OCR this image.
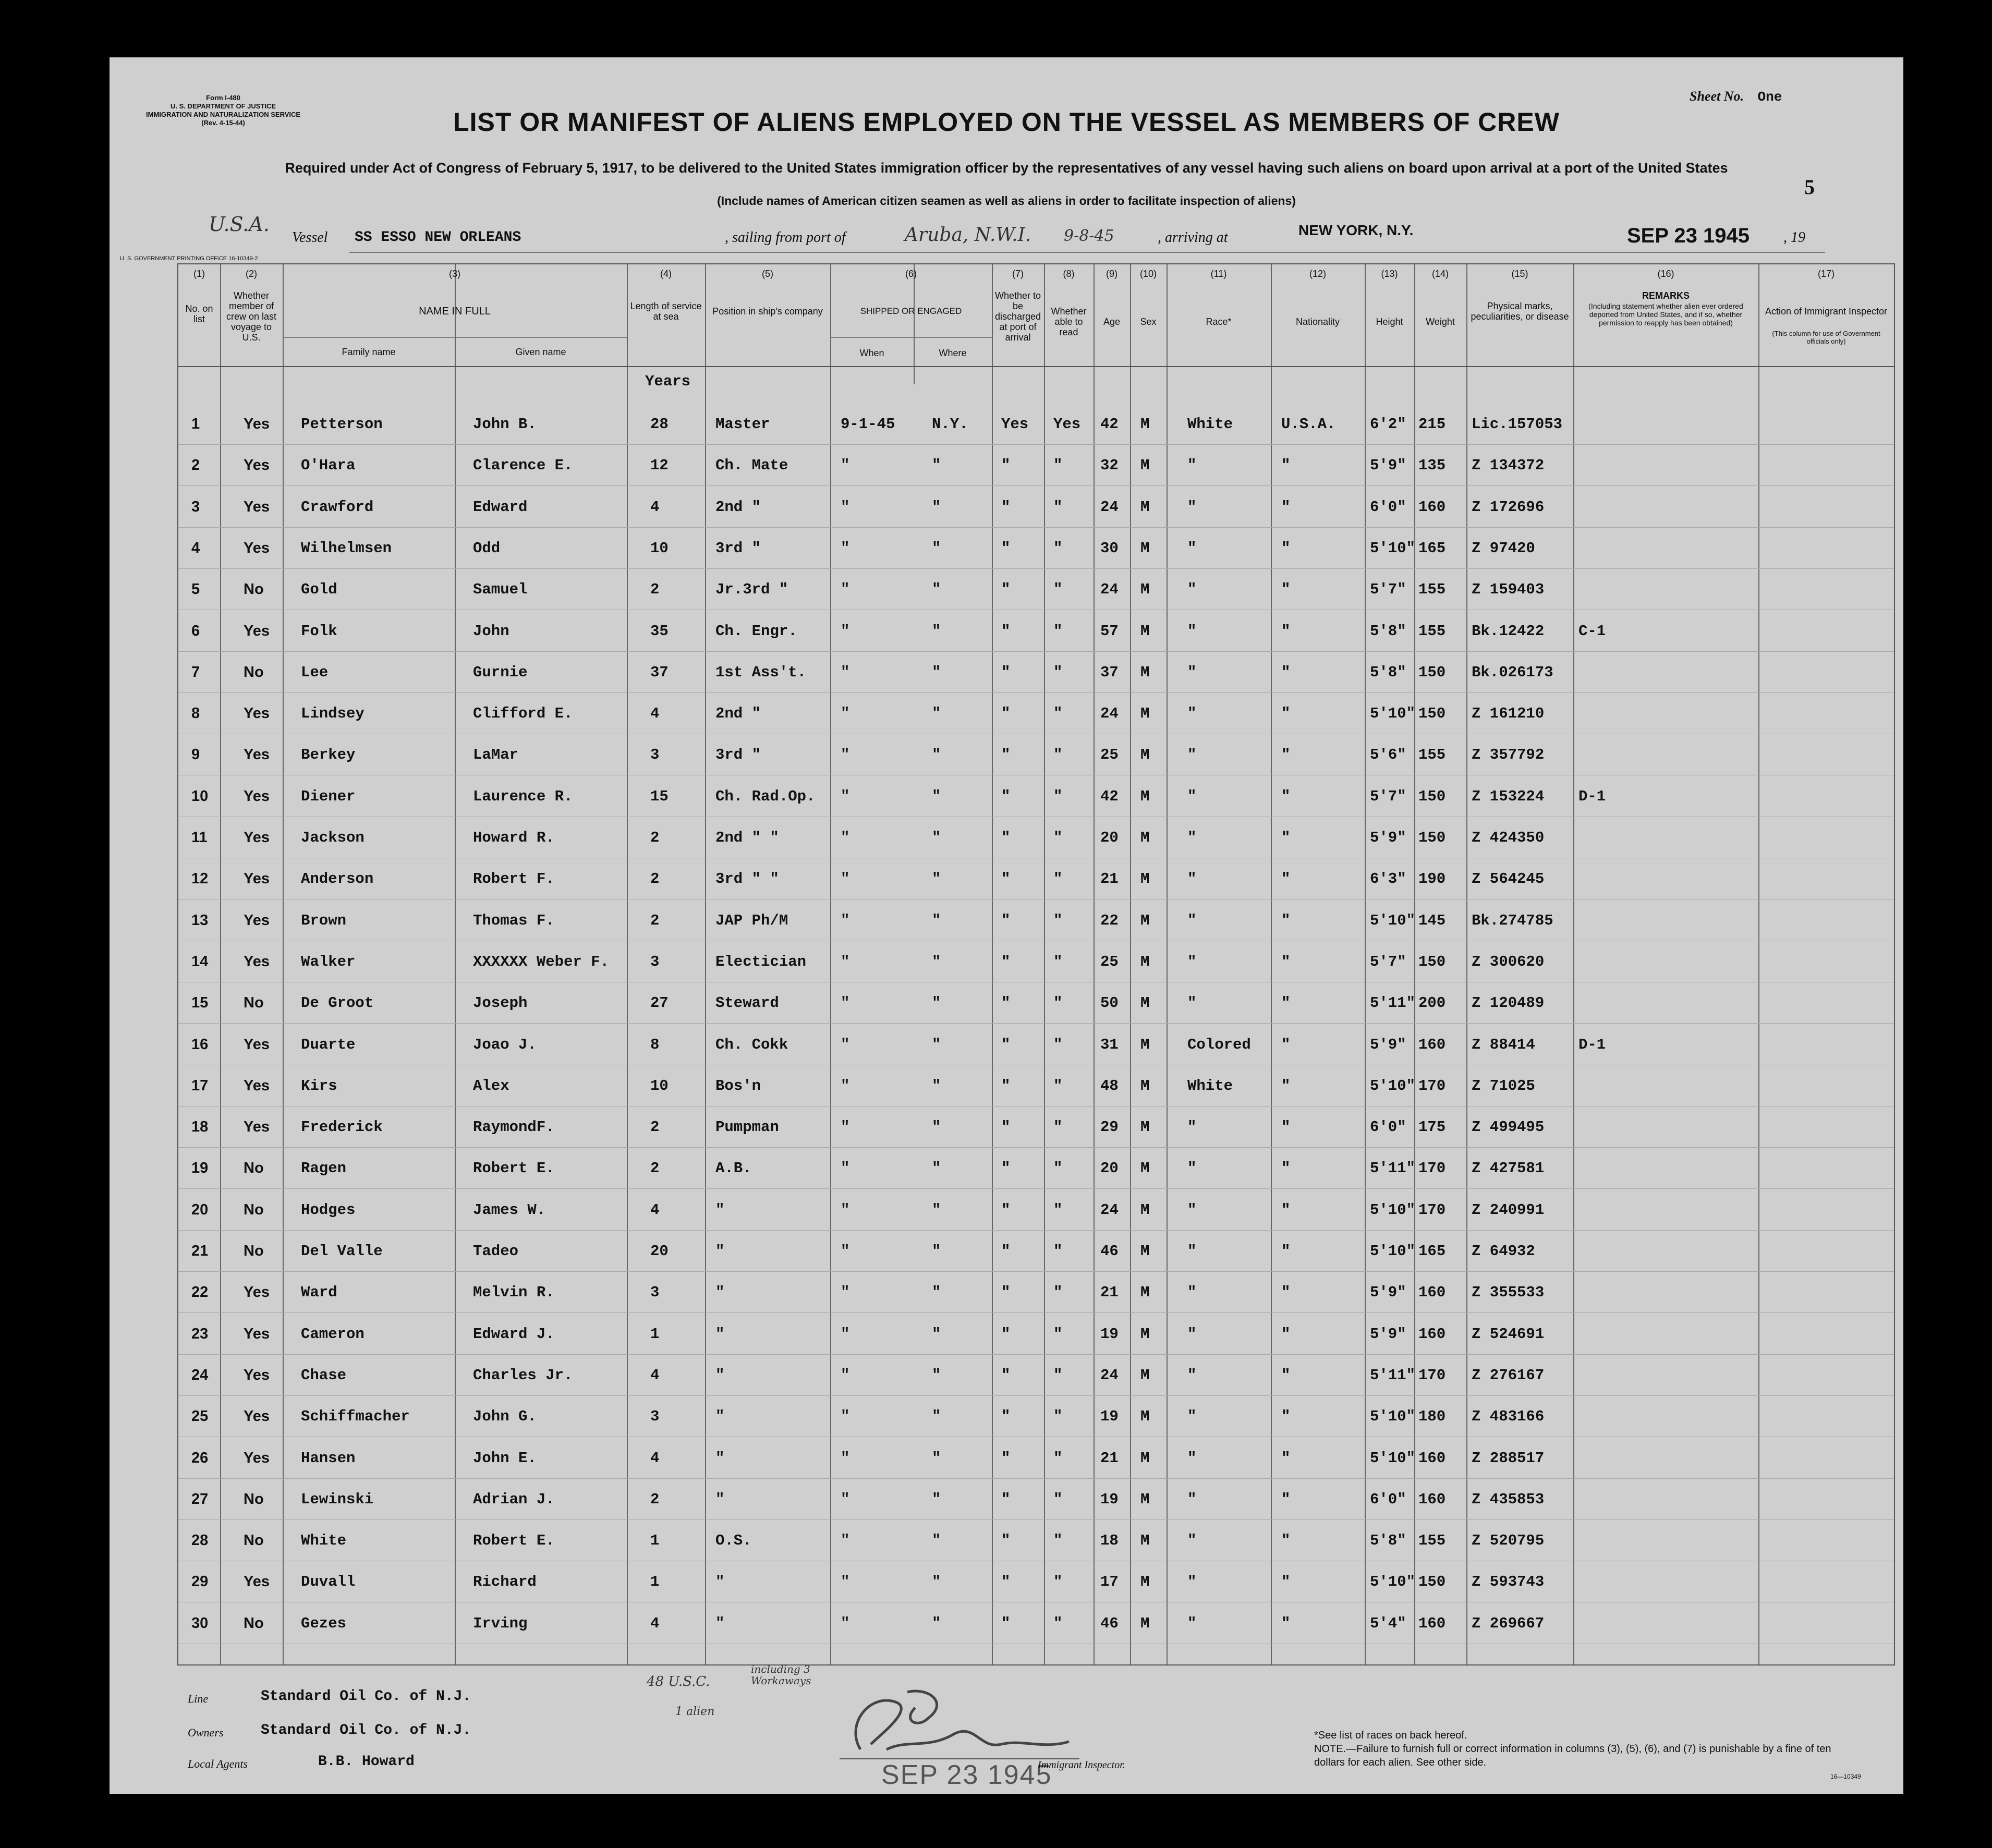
Form I-480
U. S. DEPARTMENT OF JUSTICE
IMMIGRATION AND NATURALIZATION SERVICE
(Rev. 4-15-44)
Sheet No. One
LIST OR MANIFEST OF ALIENS EMPLOYED ON THE VESSEL AS MEMBERS OF CREW
Required under Act of Congress of February 5, 1917, to be delivered to the United States immigration officer by the representatives of any vessel having such aliens on board upon arrival at a port of the United States
(Include names of American citizen seamen as well as aliens in order to facilitate inspection of aliens)
5
U.S.A.
Vessel SS ESSO NEW ORLEANS	, sailing from port of	Aruba, N.W.I. 9-8-45	, arriving at	NEW YORK, N.Y.	SEP 23 1945 , 19
U. S. GOVERNMENT PRINTING OFFICE 16-10349-2
(1)	(2)	(3)	(4)	(5)	(6)	(7)	(8)	(9)	(10)	(11)	(12)	(13)	(14)	(15)	(16)	(17)
No. on list
Whether member of crew on last voyage to U.S.
NAME IN FULL
Family name	Given name
Length of service at sea	Position in ship's company	SHIPPED OR ENGAGED
When	Where
Whether to be discharged at port of arrival
Whether able to read
Age	Sex	Race*	Nationality	Height	Weight
Physical marks, peculiarities, or disease
REMARKS
(Including statement whether alien ever ordered deported from United States, and if so, whether permission to reapply has been obtained)
Action of Immigrant Inspector
(This column for use of Government officials only)
Years
1	Yes Petterson	John B.	28	Master	9-1-45 N.Y. Yes Yes 42 M	White	U.S.A. 6'2" 215 Lic.157053
2	Yes O'Hara	Clarence E.	12	Ch. Mate	"	"	"	"	32 M	"	"	5'9" 135 Z 134372
3	Yes Crawford	Edward	4	2nd "	"	"	"	"	24 M	"	"	6'0" 160 Z 172696
4	Yes Wilhelmsen	Odd	10	3rd "	"	"	"	"	30 M	"	"	5'10" 165 Z 97420
5	No Gold	Samuel	2	Jr.3rd "	"	"	"	"	24 M	"	"	5'7" 155 Z 159403
6	Yes Folk	John	35	Ch. Engr.	"	"	"	"	57 M	"	"	5'8" 155 Bk.12422 C-1
7	No Lee	Gurnie	37	1st Ass't. "	"	"	"	37 M	"	"	5'8" 150 Bk.026173
8	Yes Lindsey	Clifford E.	4	2nd "	"	"	"	"	24 M	"	"	5'10" 150 Z 161210
9	Yes Berkey	LaMar	3	3rd "	"	"	"	"	25 M	"	"	5'6" 155 Z 357792
10 Yes Diener	Laurence R.	15	Ch. Rad.Op. "	"	"	"	42 M	"	"	5'7" 150 Z 153224 D-1
11 Yes Jackson	Howard R.	2	2nd " "	"	"	"	"	20 M	"	"	5'9" 150 Z 424350
12 Yes Anderson	Robert F.	2	3rd " "	"	"	"	"	21 M	"	"	6'3" 190 Z 564245
13 Yes Brown	Thomas F.	2	JAP Ph/M	"	"	"	"	22 M	"	"	5'10" 145 Bk.274785
14 Yes Walker	XXXXXX Weber F.	3	Electician "	"	"	"	25 M	"	"	5'7" 150 Z 300620
15 No De Groot	Joseph	27	Steward	"	"	"	"	50 M	"	"	5'11" 200 Z 120489
16 Yes Duarte	Joao J.	8	Ch. Cokk	"	"	"	"	31 M	Colored "	5'9" 160 Z 88414	D-1
17 Yes Kirs	Alex	10	Bos'n	"	"	"	"	48 M	White	"	5'10" 170 Z 71025
18 Yes Frederick	RaymondF.	2	Pumpman	"	"	"	"	29 M	"	"	6'0" 175 Z 499495
19 No Ragen	Robert E.	2	A.B.	"	"	"	"	20 M	"	"	5'11" 170 Z 427581
20 No Hodges	James W.	4	"	"	"	"	"	24 M	"	"	5'10" 170 Z 240991
21 No Del Valle	Tadeo	20	"	"	"	"	"	46 M	"	"	5'10" 165 Z 64932
22 Yes Ward	Melvin R.	3	"	"	"	"	"	21 M	"	"	5'9" 160 Z 355533
23 Yes Cameron	Edward J.	1	"	"	"	"	"	19 M	"	"	5'9" 160 Z 524691
24 Yes Chase	Charles Jr.	4	"	"	"	"	"	24 M	"	"	5'11" 170 Z 276167
25 Yes Schiffmacher	John G.	3	"	"	"	"	"	19 M	"	"	5'10" 180 Z 483166
26 Yes Hansen	John E.	4	"	"	"	"	"	21 M	"	"	5'10" 160 Z 288517
27 No Lewinski	Adrian J.	2	"	"	"	"	"	19 M	"	"	6'0" 160 Z 435853
28 No White	Robert E.	1	O.S.	"	"	"	"	18 M	"	"	5'8" 155 Z 520795
29 Yes Duvall	Richard	1	"	"	"	"	"	17 M	"	"	5'10" 150 Z 593743
30 No Gezes	Irving	4	"	"	"	"	"	46 M	"	"	5'4" 160 Z 269667
Line	Standard Oil Co. of N.J.
Owners	Standard Oil Co. of N.J.
Local Agents	B.B. Howard
48 U.S.C.
including 3 Workaways
1 alien
SEP 23 1945
Immigrant Inspector.
*See list of races on back hereof.
NOTE.—Failure to furnish full or correct information in columns (3), (5), (6), and (7) is punishable by a fine of ten dollars for each alien. See other side.
16—10349
